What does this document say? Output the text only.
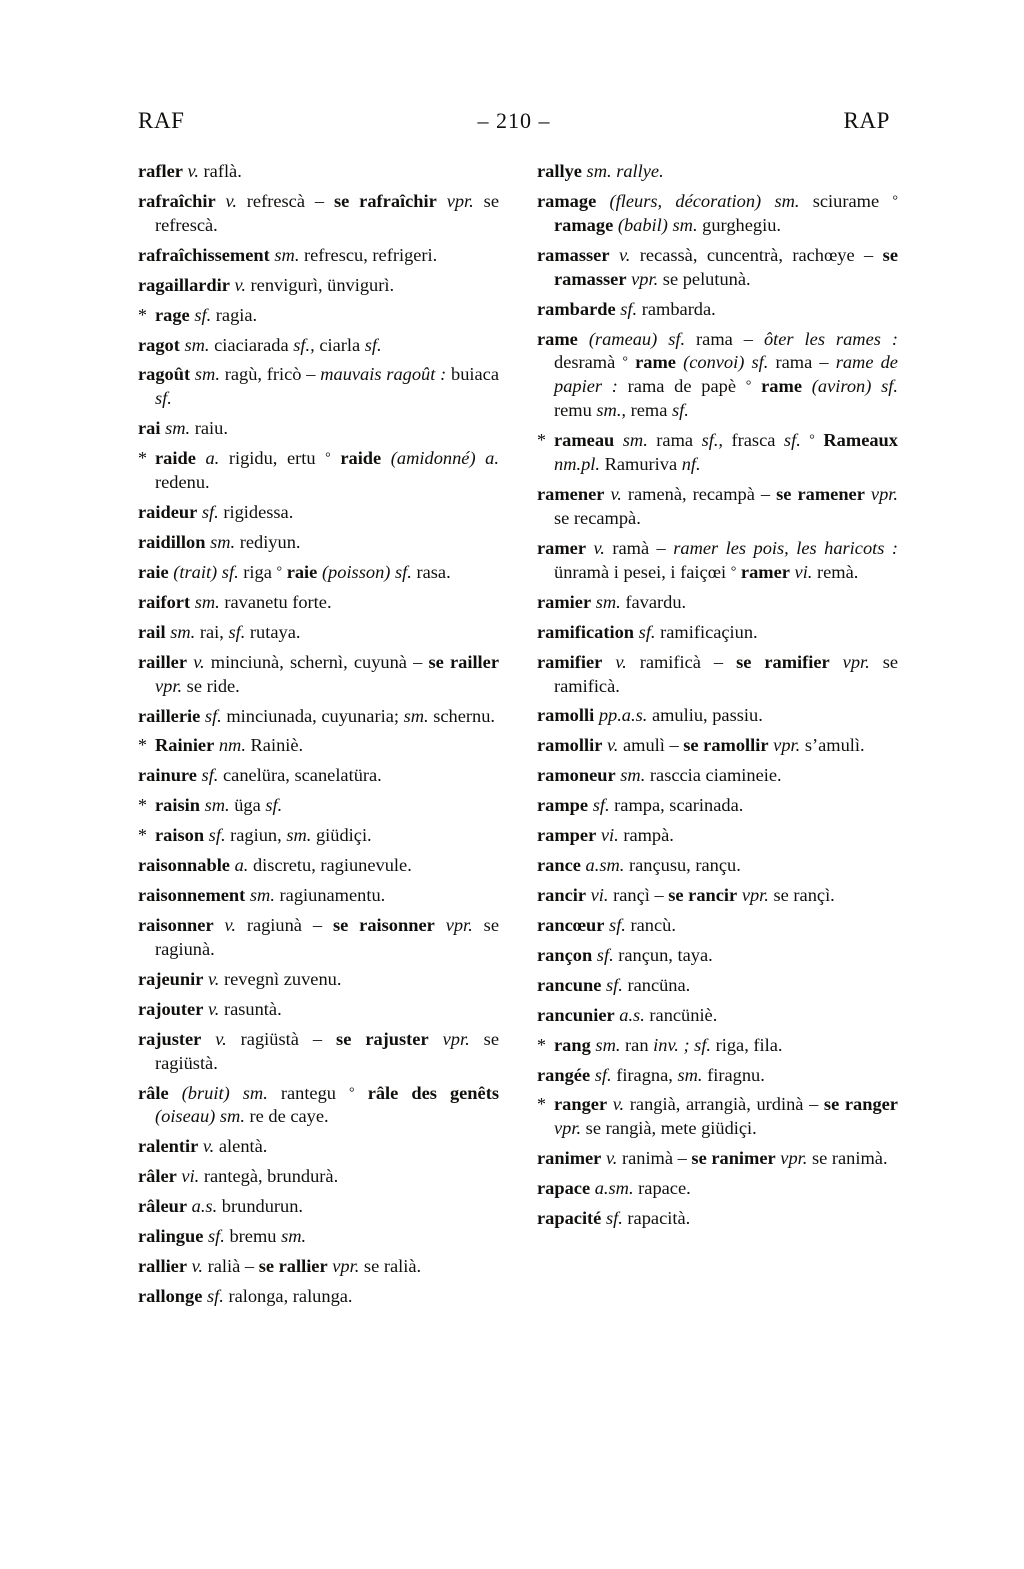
RAF	– 210 –	RAP
rafler v. raflà.
rafraîchir v. refrescà – se rafraîchir vpr. se refrescà.
rafraîchissement sm. refrescu, refrigeri.
ragaillardir v. renvigurì, ünvigurì.
* rage sf. ragia.
ragot sm. ciaciarada sf., ciarla sf.
ragoût sm. ragù, fricò – mauvais ragoût : buiaca sf.
rai sm. raiu.
* raide a. rigidu, ertu ° raide (amidonné) a. redenu.
raideur sf. rigidessa.
raidillon sm. rediyun.
raie (trait) sf. riga ° raie (poisson) sf. rasa.
raifort sm. ravanetu forte.
rail sm. rai, sf. rutaya.
railler v. minciunà, schernì, cuyunà – se railler vpr. se ride.
raillerie sf. minciunada, cuyunaria; sm. schernu.
* Rainier nm. Rainiè.
rainure sf. canelüra, scanelatüra.
* raisin sm. üga sf.
* raison sf. ragiun, sm. giüdiçi.
raisonnable a. discretu, ragiunevule.
raisonnement sm. ragiunamentu.
raisonner v. ragiunà – se raisonner vpr. se ragiunà.
rajeunir v. revegnì zuvenu.
rajouter v. rasuntà.
rajuster v. ragiüstà – se rajuster vpr. se ragiüstà.
râle (bruit) sm. rantegu ° râle des genêts (oiseau) sm. re de caye.
ralentir v. alentà.
râler vi. rantegà, brundurà.
râleur a.s. brundurun.
ralingue sf. bremu sm.
rallier v. ralià – se rallier vpr. se ralià.
rallonge sf. ralonga, ralunga.
rallye sm. rallye.
ramage (fleurs, décoration) sm. sciurame ° ramage (babil) sm. gurghegiu.
ramasser v. recassà, cuncentrà, rachœye – se ramasser vpr. se pelutunà.
rambarde sf. rambarda.
rame (rameau) sf. rama – ôter les rames : desramà ° rame (convoi) sf. rama – rame de papier : rama de papè ° rame (aviron) sf. remu sm., rema sf.
* rameau sm. rama sf., frasca sf. ° Rameaux nm.pl. Ramuriva nf.
ramener v. ramenà, recampà – se ramener vpr. se recampà.
ramer v. ramà – ramer les pois, les haricots : ünramà i pesei, i faiçœi ° ramer vi. remà.
ramier sm. favardu.
ramification sf. ramificaçiun.
ramifier v. ramificà – se ramifier vpr. se ramificà.
ramolli pp.a.s. amuliu, passiu.
ramollir v. amulì – se ramollir vpr. s’amulì.
ramoneur sm. rasccia ciamineie.
rampe sf. rampa, scarinada.
ramper vi. rampà.
rance a.sm. rançusu, rançu.
rancir vi. rançì – se rancir vpr. se rançì.
rancœur sf. rancù.
rançon sf. rançun, taya.
rancune sf. rancüna.
rancunier a.s. rancüniè.
* rang sm. ran inv. ; sf. riga, fila.
rangée sf. firagna, sm. firagnu.
* ranger v. rangià, arrangià, urdinà – se ranger vpr. se rangià, mete giüdiçi.
ranimer v. ranimà – se ranimer vpr. se ranimà.
rapace a.sm. rapace.
rapacité sf. rapacità.
